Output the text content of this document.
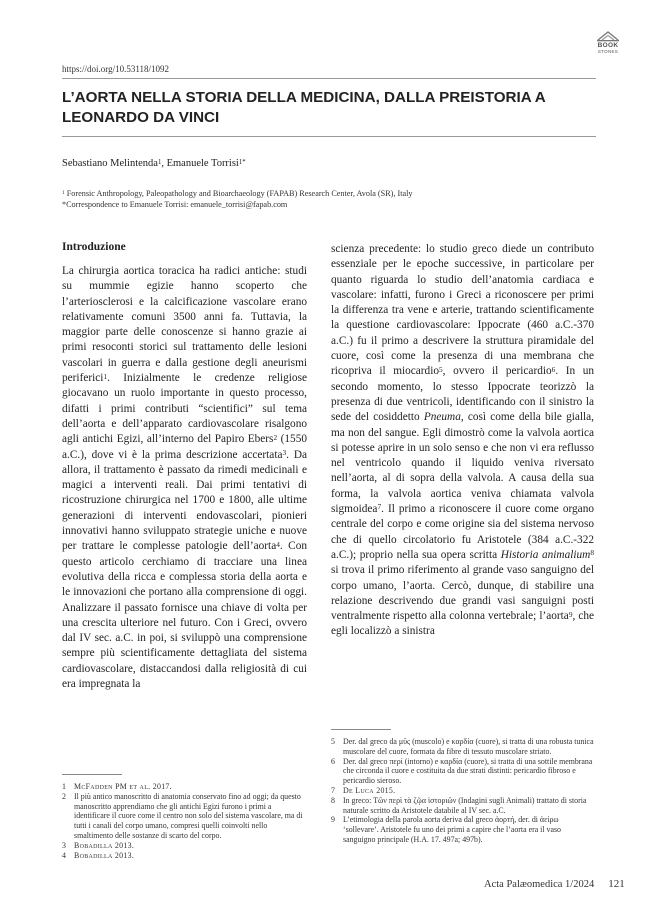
BOOK
STONES
https://doi.org/10.53118/1092
L’AORTA NELLA STORIA DELLA MEDICINA, DALLA PREISTORIA A LEONARDO DA VINCI
Sebastiano Melintenda$^1$, Emanuele Torrisi$^{1*}$
$^1$ Forensic Anthropology, Paleopathology and Bioarchaeology (FAPAB) Research Center, Avola (SR), Italy
*Correspondence to Emanuele Torrisi: emanuele_torrisi@fapab.com
Introduzione

La chirurgia aortica toracica ha radici antiche: studi su mummie egizie hanno scoperto che l’arteriosclerosi e la calcificazione vascolare erano relativamente comuni 3500 anni fa. Tuttavia, la maggior parte delle conoscenze si hanno grazie ai primi resoconti storici sul trattamento delle lesioni vascolari in guerra e dalla gestione degli aneurismi periferici$^1$. Inizialmente le credenze religiose giocavano un ruolo importante in questo processo, difatti i primi contributi “scientifici” sul tema dell’aorta e dell’apparato cardiovascolare risalgono agli antichi Egizi, all’interno del Papiro Ebers$^2$ (1550 a.C.), dove vi è la prima descrizione accertata$^3$. Da allora, il trattamento è passato da rimedi medicinali e magici a interventi reali. Dai primi tentativi di ricostruzione chirurgica nel 1700 e 1800, alle ultime generazioni di interventi endovascolari, pionieri innovativi hanno sviluppato strategie uniche e nuove per trattare le complesse patologie dell’aorta$^4$. Con questo articolo cerchiamo di tracciare una linea evolutiva della ricca e complessa storia della aorta e le innovazioni che portano alla comprensione di oggi. Analizzare il passato fornisce una chiave di volta per una crescita ulteriore nel futuro. Con i Greci, ovvero dal IV sec. a.C. in poi, si sviluppò una comprensione sempre più scientificamente dettagliata del sistema cardiovascolare, distaccandosi dalla religiosità di cui era impregnata la

scienza precedente: lo studio greco diede un contributo essenziale per le epoche successive, in particolare per quanto riguarda lo studio dell’anatomia cardiaca e vascolare: infatti, furono i Greci a riconoscere per primi la differenza tra vene e arterie, trattando scientificamente la questione cardiovascolare: Ippocrate (460 a.C.-370 a.C.) fu il primo a descrivere la struttura piramidale del cuore, così come la presenza di una membrana che ricopriva il miocardio$^5$, ovvero il pericardio$^6$. In un secondo momento, lo stesso Ippocrate teorizzò la presenza di due ventricoli, identificando con il sinistro la sede del cosiddetto Pneuma, così come della bile gialla, ma non del sangue. Egli dimostrò come la valvola aortica si potesse aprire in un solo senso e che non vi era reflusso nel ventricolo quando il liquido veniva riversato nell’aorta, al di sopra della valvola. A causa della sua forma, la valvola aortica veniva chiamata valvola sigmoidea$^7$. Il primo a riconoscere il cuore come organo centrale del corpo e come origine sia del sistema nervoso che di quello circolatorio fu Aristotele (384 a.C.-322 a.C.); proprio nella sua opera scritta Historia animalium$^8$ si trova il primo riferimento al grande vaso sanguigno del corpo umano, l’aorta. Cercò, dunque, di stabilire una relazione descrivendo due grandi vasi sanguigni posti ventralmente rispetto alla colonna vertebrale; l’aorta$^9$, che egli localizzò a sinistra

1	McFadden PM et al. 2017.
2	Il più antico manoscritto di anatomia conservato fino ad oggi; da questo manoscritto apprendiamo che gli antichi Egizi furono i primi a identificare il cuore come il centro non solo del sistema vascolare, ma di tutti i canali del corpo umano, compresi quelli coinvolti nello smaltimento delle sostanze di scarto del corpo.
3	Bobadilla 2013.
4	Bobadilla 2013.
5	Der. dal greco da μῦς (muscolo) e καρδία (cuore), si tratta di una robusta tunica muscolare del cuore, formata da fibre di tessuto muscolare striato.
6	Der. dal greco περί (intorno) e καρδία (cuore), si tratta di una sottile membrana che circonda il cuore e costituita da due strati distinti: pericardio fibroso e pericardio sieroso.
7	De Luca 2015.
8	In greco: Τῶν περὶ τὰ ζῷα ἱστοριῶν (Indagini sugli Animali) trattato di storia naturale scritto da Aristotele databile al IV sec. a.C.
9	L’etimologia della parola aorta deriva dal greco ἀορτή, der. di ἀείρω ‘sollevare’. Aristotele fu uno dei primi a capire che l’aorta era il vaso sanguigno principale (H.A. 17. 497a; 497b).
Acta Palæomedica 1/2024 121
